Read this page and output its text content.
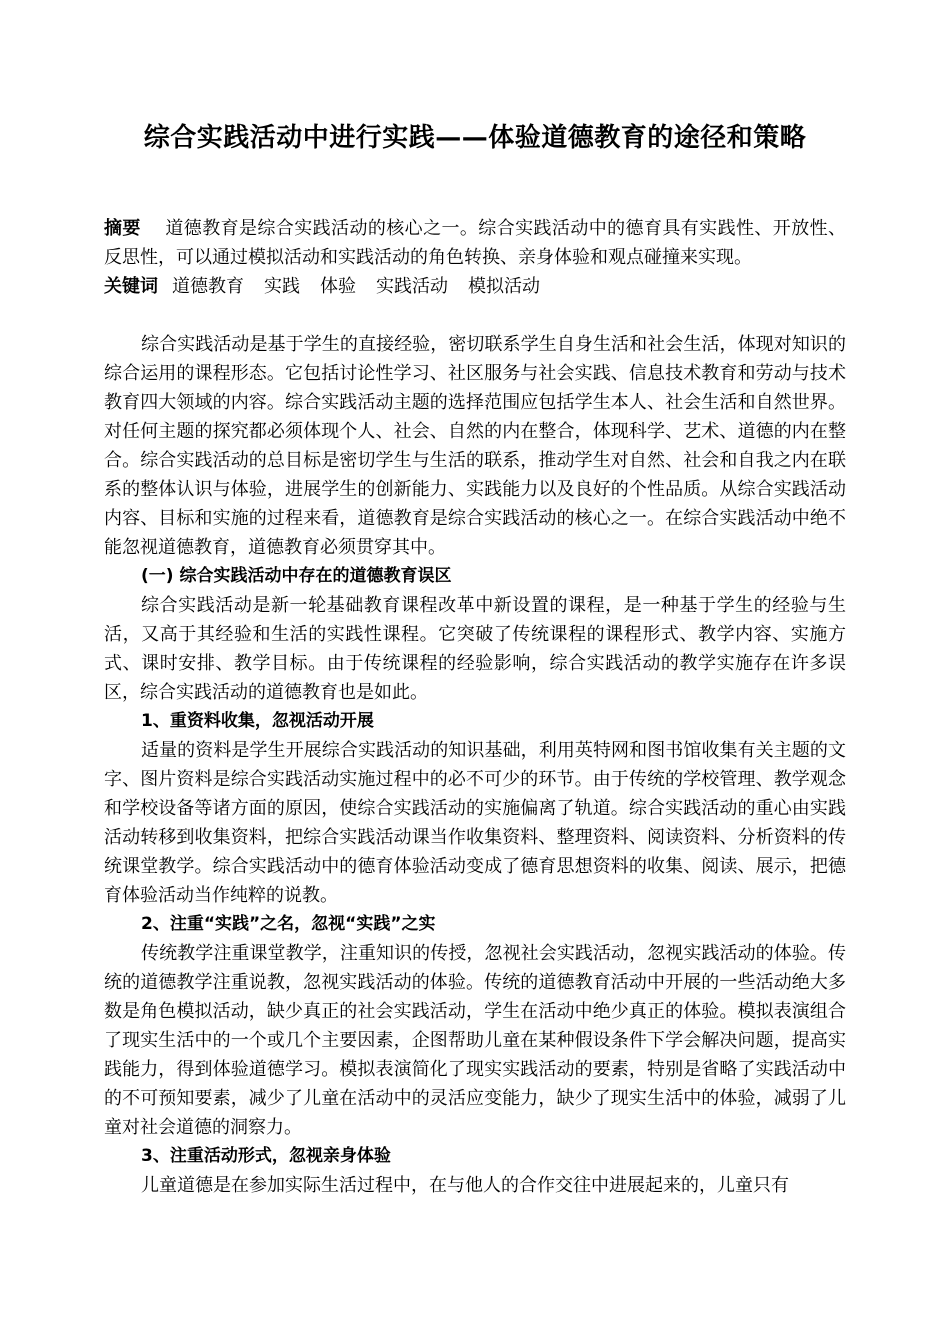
综合实践活动中进行实践——体验道德教育的途径和策略

摘要　 道德教育是综合实践活动的核心之一。综合实践活动中的德育具有实践性、开放性、反思性，可以通过模拟活动和实践活动的角色转换、亲身体验和观点碰撞来实现。

关键词 道德教育 实践 体验 实践活动 模拟活动

综合实践活动是基于学生的直接经验，密切联系学生自身生活和社会生活，体现对知识的综合运用的课程形态。它包括讨论性学习、社区服务与社会实践、信息技术教育和劳动与技术教育四大领域的内容。综合实践活动主题的选择范围应包括学生本人、社会生活和自然世界。对任何主题的探究都必须体现个人、社会、自然的内在整合，体现科学、艺术、道德的内在整合。综合实践活动的总目标是密切学生与生活的联系，推动学生对自然、社会和自我之内在联系的整体认识与体验，进展学生的创新能力、实践能力以及良好的个性品质。从综合实践活动内容、目标和实施的过程来看，道德教育是综合实践活动的核心之一。在综合实践活动中绝不能忽视道德教育，道德教育必须贯穿其中。

(一) 综合实践活动中存在的道德教育误区

综合实践活动是新一轮基础教育课程改革中新设置的课程，是一种基于学生的经验与生活，又高于其经验和生活的实践性课程。它突破了传统课程的课程形式、教学内容、实施方式、课时安排、教学目标。由于传统课程的经验影响，综合实践活动的教学实施存在许多误区，综合实践活动的道德教育也是如此。

1、重资料收集，忽视活动开展

适量的资料是学生开展综合实践活动的知识基础，利用英特网和图书馆收集有关主题的文字、图片资料是综合实践活动实施过程中的必不可少的环节。由于传统的学校管理、教学观念和学校设备等诸方面的原因，使综合实践活动的实施偏离了轨道。综合实践活动的重心由实践活动转移到收集资料，把综合实践活动课当作收集资料、整理资料、阅读资料、分析资料的传统课堂教学。综合实践活动中的德育体验活动变成了德育思想资料的收集、阅读、展示，把德育体验活动当作纯粹的说教。

2、注重“实践”之名，忽视“实践”之实

传统教学注重课堂教学，注重知识的传授，忽视社会实践活动，忽视实践活动的体验。传统的道德教学注重说教，忽视实践活动的体验。传统的道德教育活动中开展的一些活动绝大多数是角色模拟活动，缺少真正的社会实践活动，学生在活动中绝少真正的体验。模拟表演组合了现实生活中的一个或几个主要因素，企图帮助儿童在某种假设条件下学会解决问题，提高实践能力，得到体验道德学习。模拟表演简化了现实实践活动的要素，特别是省略了实践活动中的不可预知要素，减少了儿童在活动中的灵活应变能力，缺少了现实生活中的体验，减弱了儿童对社会道德的洞察力。

3、注重活动形式，忽视亲身体验

儿童道德是在参加实际生活过程中，在与他人的合作交往中进展起来的，儿童只有
